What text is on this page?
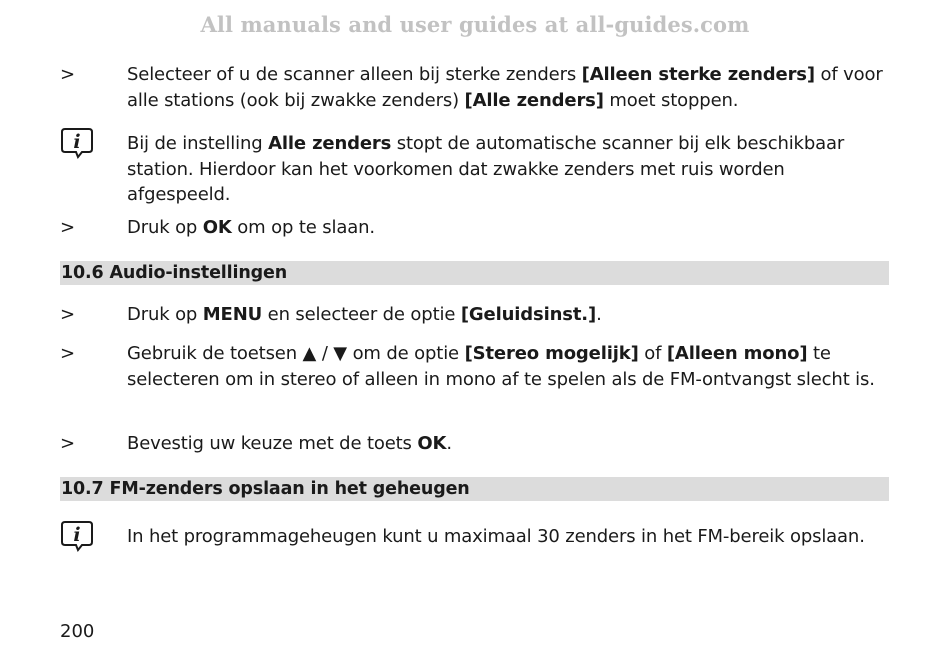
All manuals and user guides at all-guides.com
>	Selecteer of u de scanner alleen bij sterke zenders [Alleen sterke zenders] of voor alle stations (ook bij zwakke zenders) [Alle zenders] moet stoppen.
i	Bij de instelling Alle zenders stopt de automatische scanner bij elk beschikbaar station. Hierdoor kan het voorkomen dat zwakke zenders met ruis worden afgespeeld.
>	Druk op OK om op te slaan.
10.6 Audio-instellingen
>	Druk op MENU en selecteer de optie [Geluidsinst.].
>	Gebruik de toetsen ▲ / ▼ om de optie [Stereo mogelijk] of [Alleen mono] te selecteren om in stereo of alleen in mono af te spelen als de FM-ontvangst slecht is.
>	Bevestig uw keuze met de toets OK.
10.7 FM-zenders opslaan in het geheugen
i	In het programmageheugen kunt u maximaal 30 zenders in het FM-bereik opslaan.
200
